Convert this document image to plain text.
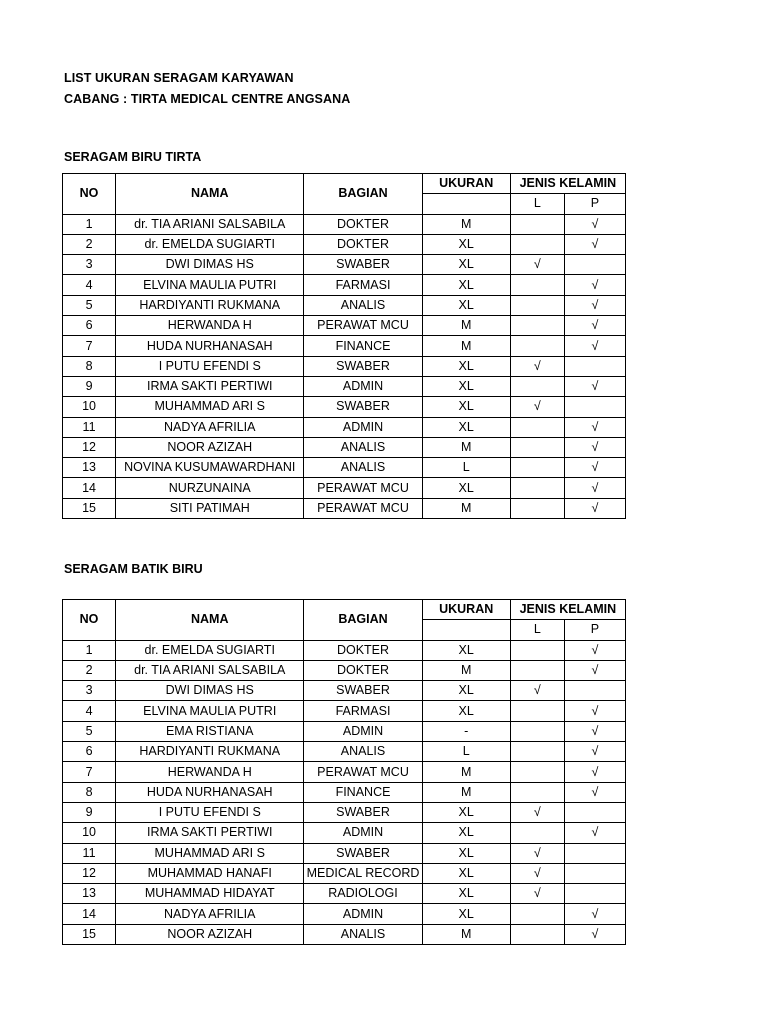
LIST UKURAN SERAGAM KARYAWAN
CABANG : TIRTA MEDICAL CENTRE ANGSANA
SERAGAM BIRU TIRTA
NO	NAMA	BAGIAN	UKURAN	JENIS KELAMIN	
				L	P
1	dr. TIA ARIANI SALSABILA	DOKTER	M		√
2	dr. EMELDA SUGIARTI	DOKTER	XL		√
3	DWI DIMAS HS	SWABER	XL	√	
4	ELVINA MAULIA PUTRI	FARMASI	XL		√
5	HARDIYANTI RUKMANA	ANALIS	XL		√
6	HERWANDA H	PERAWAT MCU	M		√
7	HUDA NURHANASAH	FINANCE	M		√
8	I PUTU EFENDI S	SWABER	XL	√	
9	IRMA SAKTI PERTIWI	ADMIN	XL		√
10	MUHAMMAD ARI S	SWABER	XL	√	
11	NADYA AFRILIA	ADMIN	XL		√
12	NOOR AZIZAH	ANALIS	M		√
13	NOVINA KUSUMAWARDHANI	ANALIS	L		√
14	NURZUNAINA	PERAWAT MCU	XL		√
15	SITI PATIMAH	PERAWAT MCU	M		√
SERAGAM BATIK BIRU
NO	NAMA	BAGIAN	UKURAN	JENIS KELAMIN	
				L	P
1	dr. EMELDA SUGIARTI	DOKTER	XL		√
2	dr. TIA ARIANI SALSABILA	DOKTER	M		√
3	DWI DIMAS HS	SWABER	XL	√	
4	ELVINA MAULIA PUTRI	FARMASI	XL		√
5	EMA RISTIANA	ADMIN	-		√
6	HARDIYANTI RUKMANA	ANALIS	L		√
7	HERWANDA H	PERAWAT MCU	M		√
8	HUDA NURHANASAH	FINANCE	M		√
9	I PUTU EFENDI S	SWABER	XL	√	
10	IRMA SAKTI PERTIWI	ADMIN	XL		√
11	MUHAMMAD ARI S	SWABER	XL	√	
12	MUHAMMAD HANAFI	MEDICAL RECORD	XL	√	
13	MUHAMMAD HIDAYAT	RADIOLOGI	XL	√	
14	NADYA AFRILIA	ADMIN	XL		√
15	NOOR AZIZAH	ANALIS	M		√
